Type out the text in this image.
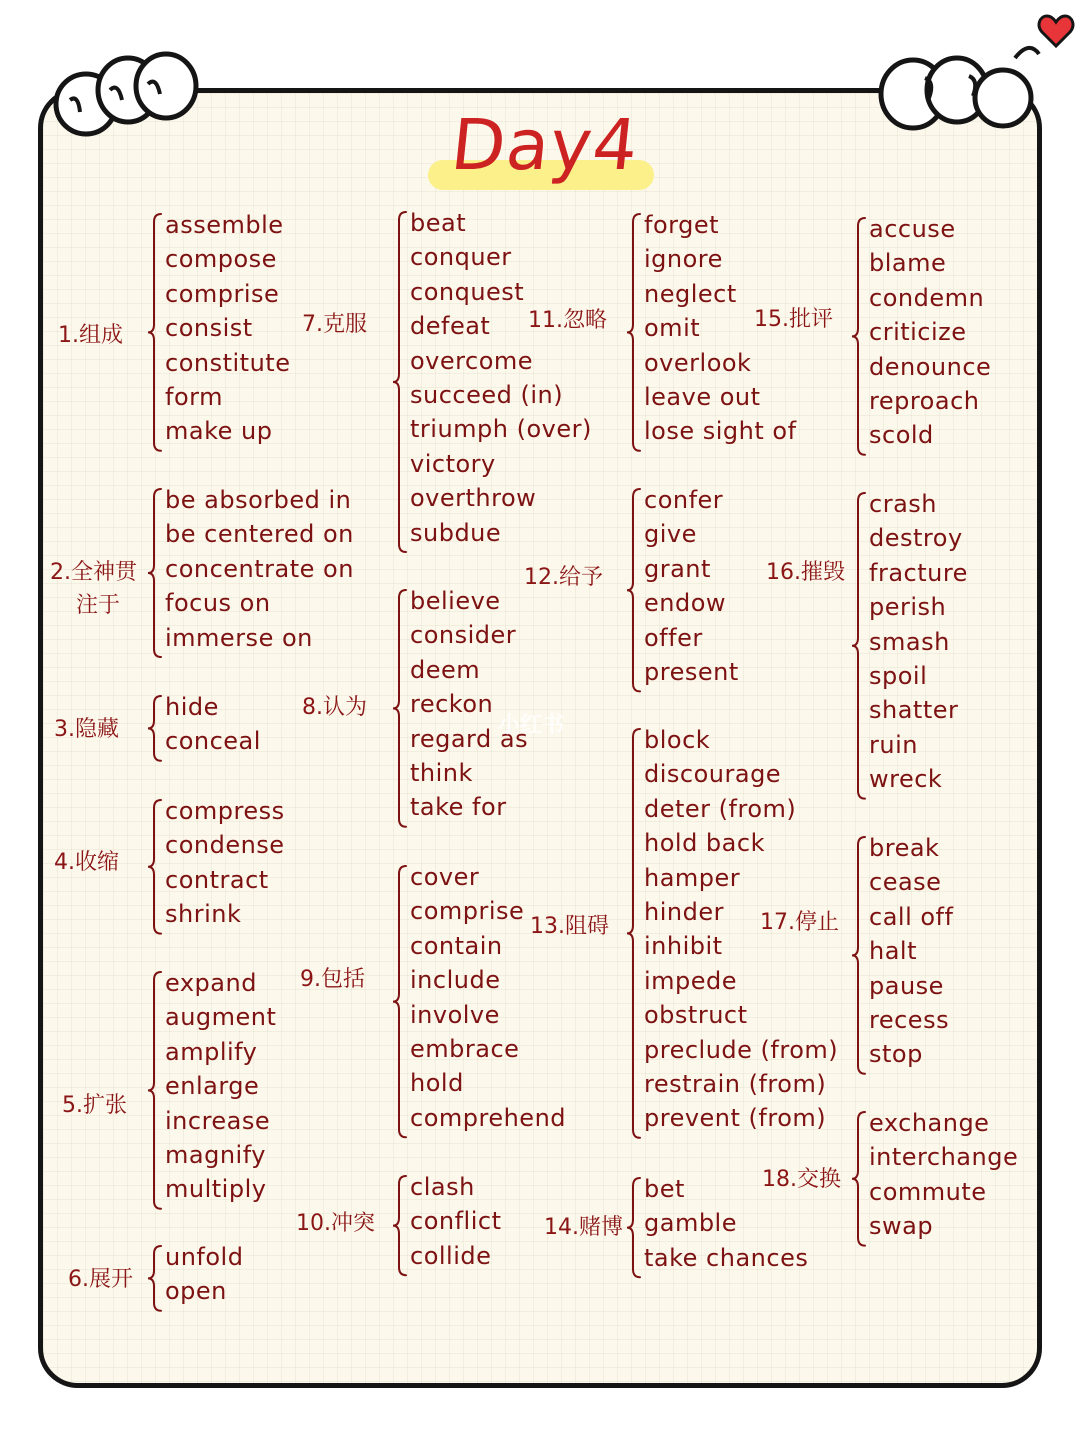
Day4
1.组成
assemble
compose
comprise
consist
constitute
form
make up
2.全神贯
注于
be absorbed in
be centered on
concentrate on
focus on
immerse on
3.隐藏
hide
conceal
4.收缩
compress
condense
contract
shrink
5.扩张
expand
augment
amplify
enlarge
increase
magnify
multiply
6.展开
unfold
open
7.克服
beat
conquer
conquest
defeat
overcome
succeed (in)
triumph (over)
victory
overthrow
subdue
8.认为
believe
consider
deem
reckon
regard as
think
take for
9.包括
cover
comprise
contain
include
involve
embrace
hold
comprehend
10.冲突
clash
conflict
collide
11.忽略
forget
ignore
neglect
omit
overlook
leave out
lose sight of
12.给予
confer
give
grant
endow
offer
present
13.阻碍
block
discourage
deter (from)
hold back
hamper
hinder
inhibit
impede
obstruct
preclude (from)
restrain (from)
prevent (from)
14.赌博
bet
gamble
take chances
15.批评
accuse
blame
condemn
criticize
denounce
reproach
scold
16.摧毁
crash
destroy
fracture
perish
smash
spoil
shatter
ruin
wreck
17.停止
break
cease
call off
halt
pause
recess
stop
18.交换
exchange
interchange
commute
swap
小红书
